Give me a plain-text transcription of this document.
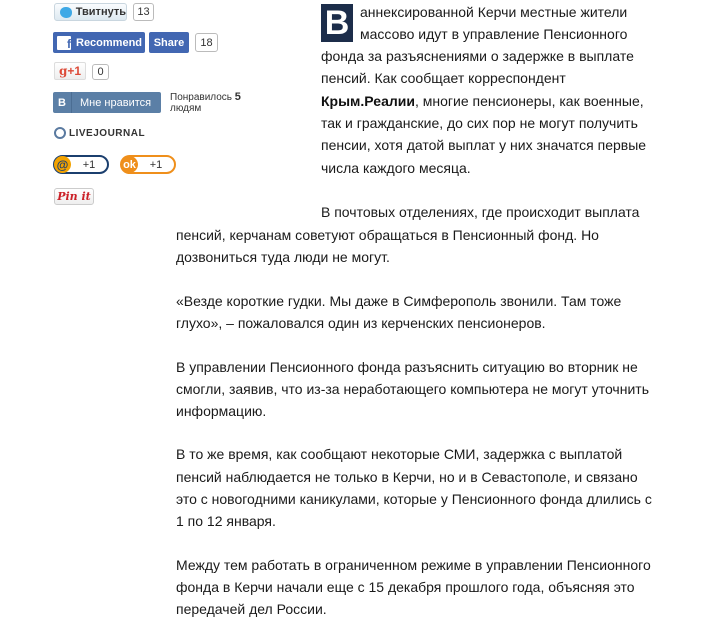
Твитнуть	13
f Recommend	Share	18
g +1	0
В	Мне нравится Понравилось 5
людям
LIVEJOURNAL
@	+1	ok	+1
Pin it
В аннексированной Керчи местные жители
массово идут в управление Пенсионного
фонда за разъяснениями о задержке в выплате
пенсий. Как сообщает корреспондент
Крым.Реалии, многие пенсионеры, как военные,
так и гражданские, до сих пор не могут получить
пенсии, хотя датой выплат у них значатся первые
числа каждого месяца.
В почтовых отделениях, где происходит выплата
пенсий, керчанам советуют обращаться в Пенсионный фонд. Но
дозвониться туда люди не могут.
«Везде короткие гудки. Мы даже в Симферополь звонили. Там тоже
глухо», – пожаловался один из керченских пенсионеров.
В управлении Пенсионного фонда разъяснить ситуацию во вторник не
смогли, заявив, что из-за неработающего компьютера не могут уточнить
информацию.
В то же время, как сообщают некоторые СМИ, задержка с выплатой
пенсий наблюдается не только в Керчи, но и в Севастополе, и связано
это с новогодними каникулами, которые у Пенсионного фонда длились с
1 по 12 января.
Между тем работать в ограниченном режиме в управлении Пенсионного
фонда в Керчи начали еще с 15 декабря прошлого года, объясняя это
передачей дел России.
